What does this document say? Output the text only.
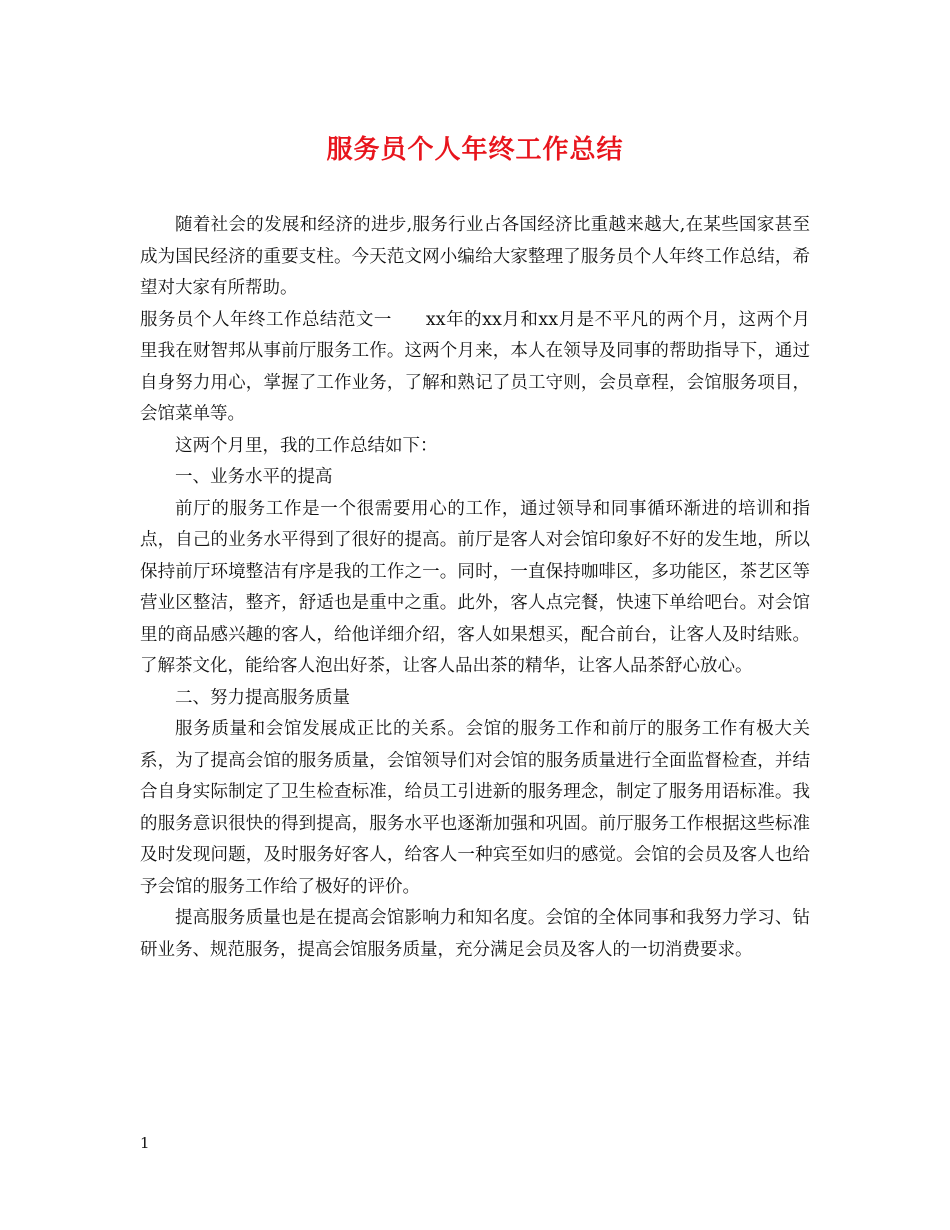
服务员个人年终工作总结

随着社会的发展和经济的进步,服务行业占各国经济比重越来越大,在某些国家甚至成为国民经济的重要支柱。今天范文网小编给大家整理了服务员个人年终工作总结，希望对大家有所帮助。

服务员个人年终工作总结范文一 xx年的xx月和xx月是不平凡的两个月，这两个月里我在财智邦从事前厅服务工作。这两个月来，本人在领导及同事的帮助指导下，通过自身努力用心，掌握了工作业务，了解和熟记了员工守则，会员章程，会馆服务项目，会馆菜单等。

这两个月里，我的工作总结如下：

一、业务水平的提高

前厅的服务工作是一个很需要用心的工作，通过领导和同事循环渐进的培训和指点，自己的业务水平得到了很好的提高。前厅是客人对会馆印象好不好的发生地，所以保持前厅环境整洁有序是我的工作之一。同时，一直保持咖啡区，多功能区，茶艺区等营业区整洁，整齐，舒适也是重中之重。此外，客人点完餐，快速下单给吧台。对会馆里的商品感兴趣的客人，给他详细介绍，客人如果想买，配合前台，让客人及时结账。了解茶文化，能给客人泡出好茶，让客人品出茶的精华，让客人品茶舒心放心。

二、努力提高服务质量

服务质量和会馆发展成正比的关系。会馆的服务工作和前厅的服务工作有极大关系，为了提高会馆的服务质量，会馆领导们对会馆的服务质量进行全面监督检查，并结合自身实际制定了卫生检查标准，给员工引进新的服务理念，制定了服务用语标准。我的服务意识很快的得到提高，服务水平也逐渐加强和巩固。前厅服务工作根据这些标准及时发现问题，及时服务好客人，给客人一种宾至如归的感觉。会馆的会员及客人也给予会馆的服务工作给了极好的评价。

提高服务质量也是在提高会馆影响力和知名度。会馆的全体同事和我努力学习、钻研业务、规范服务，提高会馆服务质量，充分满足会员及客人的一切消费要求。

1
